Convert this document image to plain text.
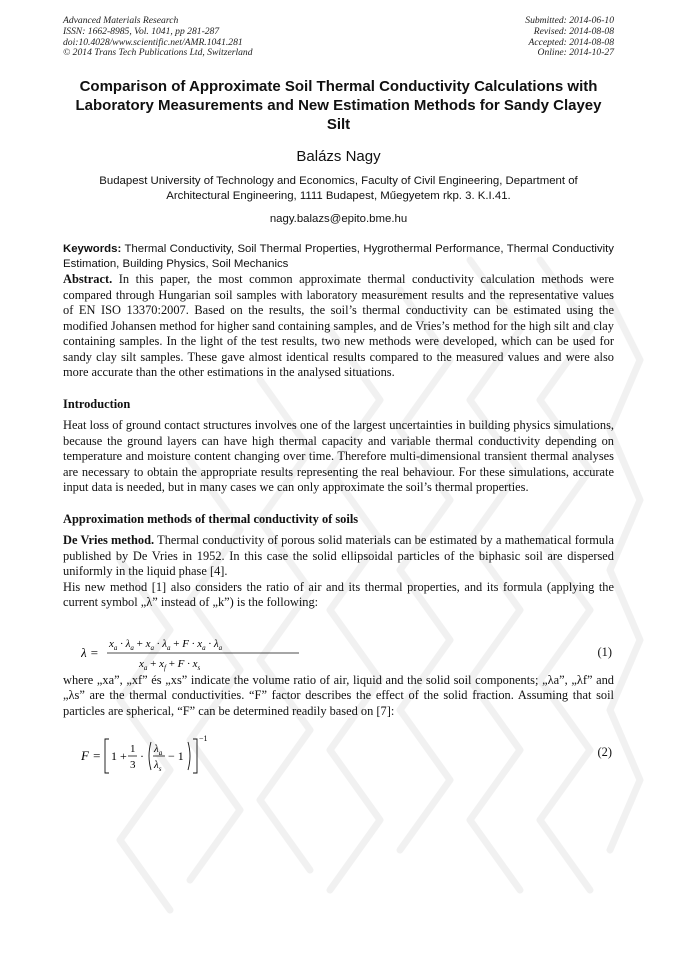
Advanced Materials Research
ISSN: 1662-8985, Vol. 1041, pp 281-287
doi:10.4028/www.scientific.net/AMR.1041.281
© 2014 Trans Tech Publications Ltd, Switzerland
Submitted: 2014-06-10
Revised: 2014-08-08
Accepted: 2014-08-08
Online: 2014-10-27
Comparison of Approximate Soil Thermal Conductivity Calculations with Laboratory Measurements and New Estimation Methods for Sandy Clayey Silt
Balázs Nagy
Budapest University of Technology and Economics, Faculty of Civil Engineering, Department of Architectural Engineering, 1111 Budapest, Műegyetem rkp. 3. K.I.41.
nagy.balazs@epito.bme.hu
Keywords: Thermal Conductivity, Soil Thermal Properties, Hygrothermal Performance, Thermal Conductivity Estimation, Building Physics, Soil Mechanics

Abstract. In this paper, the most common approximate thermal conductivity calculation methods were compared through Hungarian soil samples with laboratory measurement results and the representative values of EN ISO 13370:2007. Based on the results, the soil’s thermal conductivity can be estimated using the modified Johansen method for higher sand containing samples, and de Vries’s method for the high silt and clay containing samples. In the light of the test results, two new methods were developed, which can be used for sandy clay silt samples. These gave almost identical results compared to the measured values and were also more accurate than the other estimations in the analysed situations.

Introduction

Heat loss of ground contact structures involves one of the largest uncertainties in building physics simulations, because the ground layers can have high thermal capacity and variable thermal conductivity depending on temperature and moisture content changing over time. Therefore multi-dimensional transient thermal analyses are necessary to obtain the appropriate results representing the real behaviour. For these simulations, accurate input data is needed, but in many cases we can only approximate the soil’s thermal properties.

Approximation methods of thermal conductivity of soils

De Vries method. Thermal conductivity of porous solid materials can be estimated by a mathematical formula published by De Vries in 1952. In this case the solid ellipsoidal particles of the biphasic soil are dispersed uniformly in the liquid phase [4].

His new method [1] also considers the ratio of air and its thermal properties, and its formula (applying the current symbol „λ” instead of „k”) is the following:

λ =
$x_a \cdot \lambda_a + x_a \cdot \lambda_a + F \cdot x_a \cdot \lambda_a$
$x_a + x_f + F \cdot x_s$
(1)

where „xa”, „xf” és „xs” indicate the volume ratio of air, liquid and the solid soil components; „λa”, „λf” and „λs” are the thermal conductivities. “F” factor describes the effect of the solid fraction. Assuming that soil particles are spherical, “F” can be determined readily based on [7]:

F = 1 + 1
3
· $\lambda_a$
$\lambda_s$
− 1
−1
(2)
